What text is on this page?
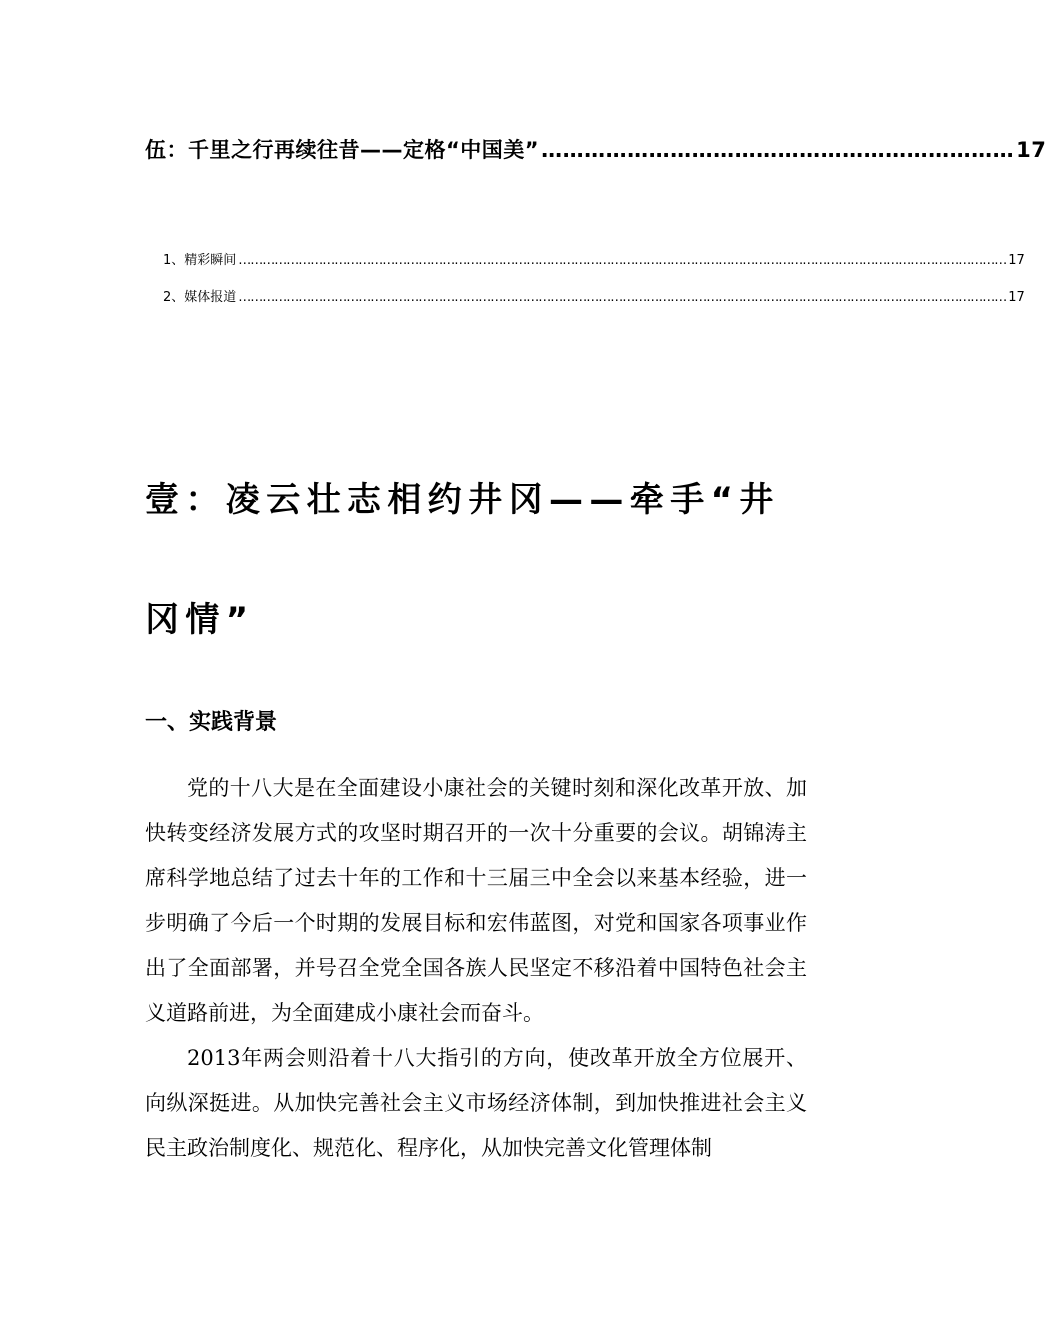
伍：千里之行再续往昔——定格“中国美” ………………………………………………………… 17
1、精彩瞬间 ………………………………………………………………………………………………………………………………………………………………………… 17
2、媒体报道 ………………………………………………………………………………………………………………………………………………………………………… 17
壹：凌云壮志相约井冈——牵手“井冈情”
一、实践背景

党的十八大是在全面建设小康社会的关键时刻和深化改革开放、加快转变经济发展方式的攻坚时期召开的一次十分重要的会议。胡锦涛主席科学地总结了过去十年的工作和十三届三中全会以来基本经验，进一步明确了今后一个时期的发展目标和宏伟蓝图，对党和国家各项事业作出了全面部署，并号召全党全国各族人民坚定不移沿着中国特色社会主义道路前进，为全面建成小康社会而奋斗。

2013年两会则沿着十八大指引的方向，使改革开放全方位展开、向纵深挺进。从加快完善社会主义市场经济体制，到加快推进社会主义民主政治制度化、规范化、程序化，从加快完善文化管理体制
